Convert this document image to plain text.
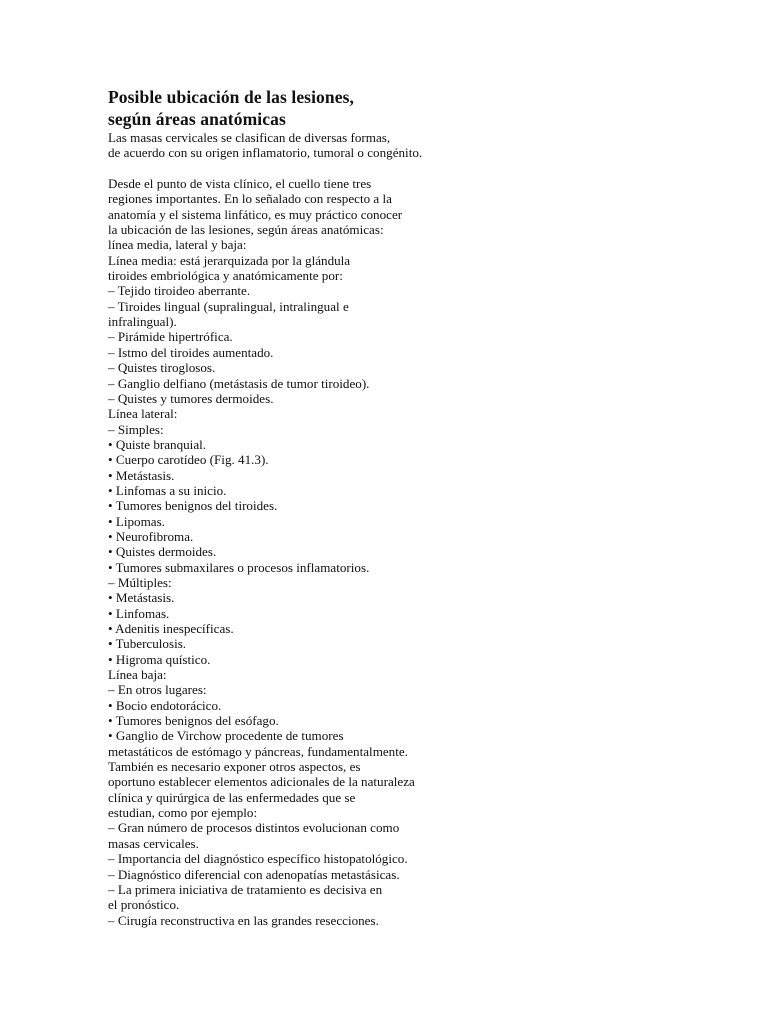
Posible ubicación de las lesiones,
según áreas anatómicas
Las masas cervicales se clasifican de diversas formas,
de acuerdo con su origen inflamatorio, tumoral o congénito.
Desde el punto de vista clínico, el cuello tiene tres
regiones importantes. En lo señalado con respecto a la
anatomía y el sistema linfático, es muy práctico conocer
la ubicación de las lesiones, según áreas anatómicas:
línea media, lateral y baja:
Línea media: está jerarquizada por la glándula
tiroides embriológica y anatómicamente por:
– Tejido tiroideo aberrante.
– Tiroides lingual (supralingual, intralingual e
infralingual).
– Pirámide hipertrófica.
– Istmo del tiroides aumentado.
– Quistes tiroglosos.
– Ganglio delfiano (metástasis de tumor tiroideo).
– Quistes y tumores dermoides.
Línea lateral:
– Simples:
• Quiste branquial.
• Cuerpo carotídeo (Fig. 41.3).
• Metástasis.
• Linfomas a su inicio.
• Tumores benignos del tiroides.
• Lipomas.
• Neurofibroma.
• Quistes dermoides.
• Tumores submaxilares o procesos inflamatorios.
– Múltiples:
• Metástasis.
• Linfomas.
• Adenitis inespecíficas.
• Tuberculosis.
• Higroma quístico.
Línea baja:
– En otros lugares:
• Bocio endotorácico.
• Tumores benignos del esófago.
• Ganglio de Virchow procedente de tumores
metastáticos de estómago y páncreas, fundamentalmente.
También es necesario exponer otros aspectos, es
oportuno establecer elementos adicionales de la naturaleza
clínica y quirúrgica de las enfermedades que se
estudian, como por ejemplo:
– Gran número de procesos distintos evolucionan como
masas cervicales.
– Importancia del diagnóstico específico histopatológico.
– Diagnóstico diferencial con adenopatías metastásicas.
– La primera iniciativa de tratamiento es decisiva en
el pronóstico.
– Cirugía reconstructiva en las grandes resecciones.
